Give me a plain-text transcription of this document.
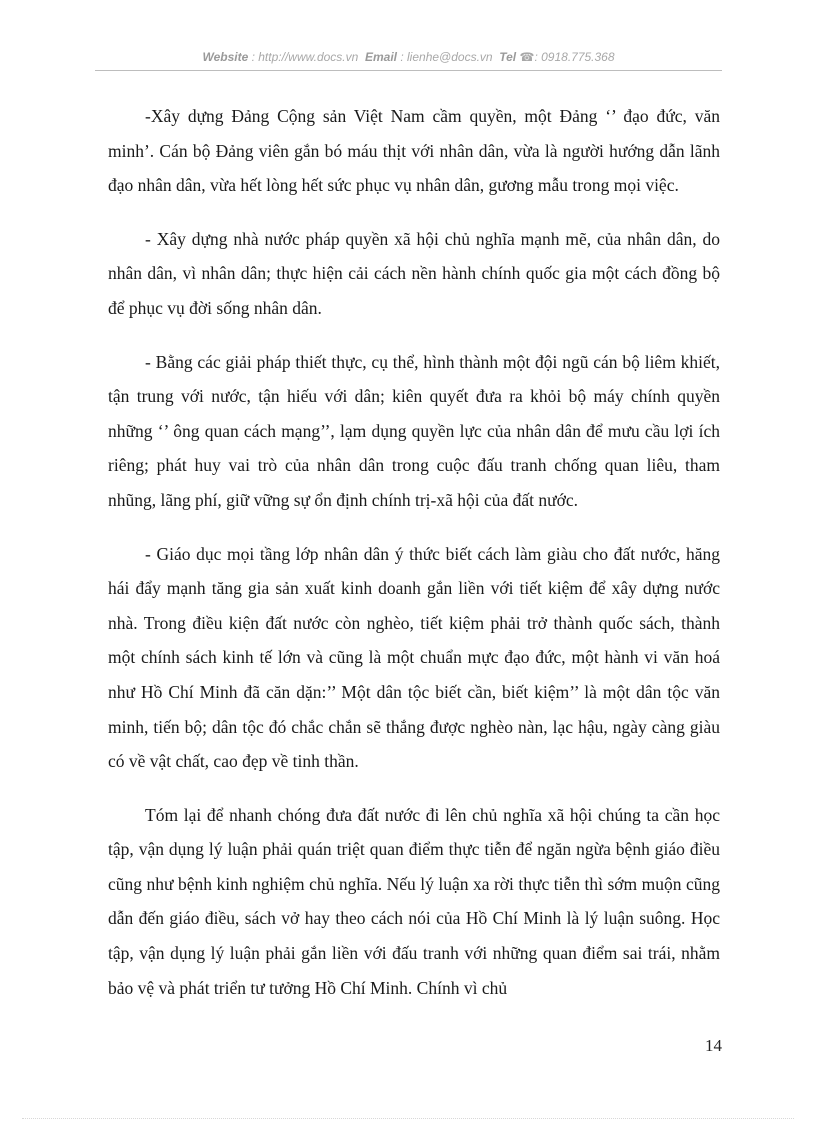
Website : http://www.docs.vn Email : lienhe@docs.vn Tel ☎: 0918.775.368

-Xây dựng Đảng Cộng sản Việt Nam cầm quyền, một Đảng ‘’ đạo đức, văn minh’. Cán bộ Đảng viên gắn bó máu thịt với nhân dân, vừa là người hướng dẫn lãnh đạo nhân dân, vừa hết lòng hết sức phục vụ nhân dân, gương mẫu trong mọi việc.

- Xây dựng nhà nước pháp quyền xã hội chủ nghĩa mạnh mẽ, của nhân dân, do nhân dân, vì nhân dân; thực hiện cải cách nền hành chính quốc gia một cách đồng bộ để phục vụ đời sống nhân dân.

- Bằng các giải pháp thiết thực, cụ thể, hình thành một đội ngũ cán bộ liêm khiết, tận trung với nước, tận hiếu với dân; kiên quyết đưa ra khỏi bộ máy chính quyền những ‘’ ông quan cách mạng’’, lạm dụng quyền lực của nhân dân để mưu cầu lợi ích riêng; phát huy vai trò của nhân dân trong cuộc đấu tranh chống quan liêu, tham nhũng, lãng phí, giữ vững sự ổn định chính trị-xã hội của đất nước.

- Giáo dục mọi tầng lớp nhân dân ý thức biết cách làm giàu cho đất nước, hăng hái đẩy mạnh tăng gia sản xuất kinh doanh gắn liền với tiết kiệm để xây dựng nước nhà. Trong điều kiện đất nước còn nghèo, tiết kiệm phải trở thành quốc sách, thành một chính sách kinh tế lớn và cũng là một chuẩn mực đạo đức, một hành vi văn hoá như Hồ Chí Minh đã căn dặn:’’ Một dân tộc biết cần, biết kiệm’’ là một dân tộc văn minh, tiến bộ; dân tộc đó chắc chắn sẽ thắng được nghèo nàn, lạc hậu, ngày càng giàu có về vật chất, cao đẹp về tinh thần.

Tóm lại để nhanh chóng đưa đất nước đi lên chủ nghĩa xã hội chúng ta cần học tập, vận dụng lý luận phải quán triệt quan điểm thực tiễn để ngăn ngừa bệnh giáo điều cũng như bệnh kinh nghiệm chủ nghĩa. Nếu lý luận xa rời thực tiễn thì sớm muộn cũng dẫn đến giáo điều, sách vở hay theo cách nói của Hồ Chí Minh là lý luận suông. Học tập, vận dụng lý luận phải gắn liền với đấu tranh với những quan điểm sai trái, nhằm bảo vệ và phát triển tư tưởng Hồ Chí Minh. Chính vì chủ

14
